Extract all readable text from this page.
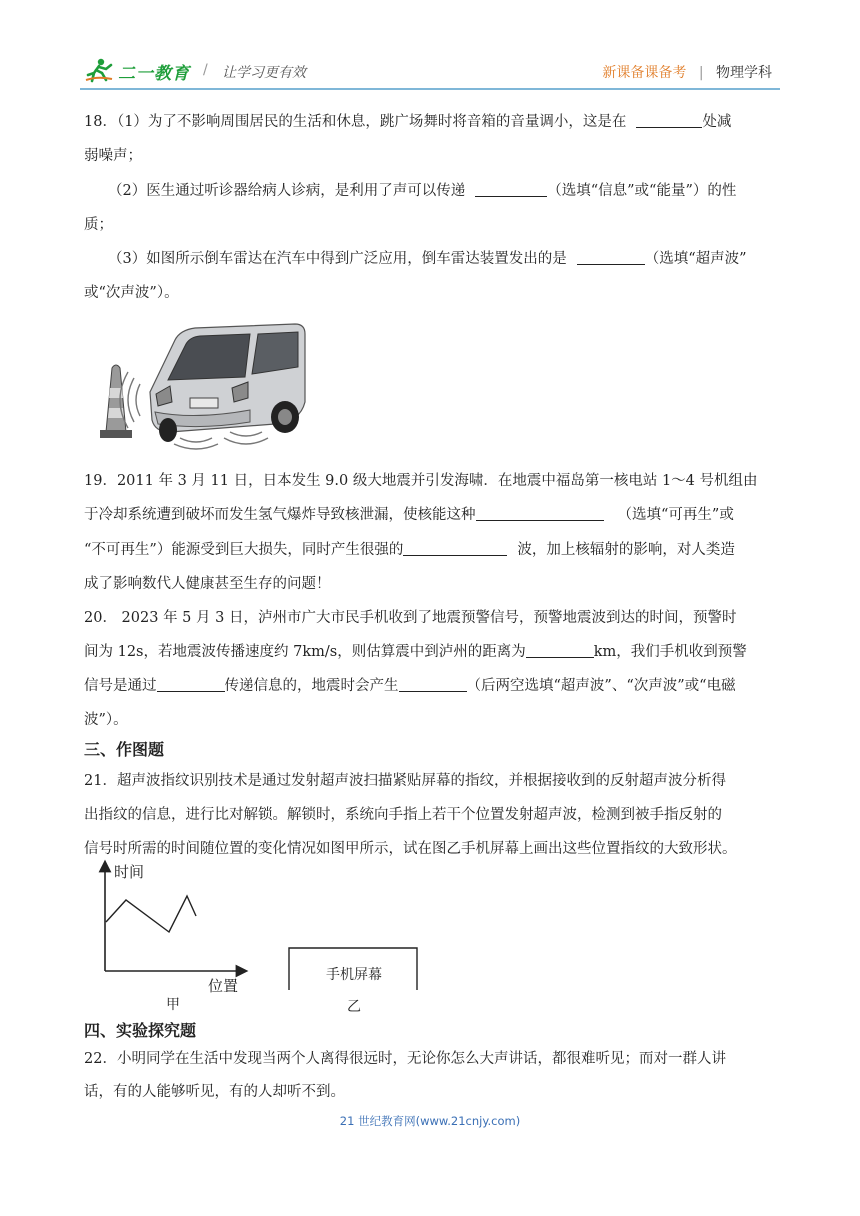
二一教育 / 让学习更有效	新课备课备考 | 物理学科
18．（1）为了不影响周围居民的生活和休息，跳广场舞时将音箱的音量调小，这是在	处减
弱噪声；
（2）医生通过听诊器给病人诊病，是利用了声可以传递	（选填“信息”或“能量”）的性
质；
（3）如图所示倒车雷达在汽车中得到广泛应用，倒车雷达装置发出的是	（选填“超声波”
或“次声波”）。
19．2011 年 3 月 11 日，日本发生 9.0 级大地震并引发海啸．在地震中福岛第一核电站 1～4 号机组由
于冷却系统遭到破坏而发生氢气爆炸导致核泄漏，使核能这种	（选填“可再生”或
“不可再生”）能源受到巨大损失，同时产生很强的	波，加上核辐射的影响，对人类造
成了影响数代人健康甚至生存的问题！
20． 2023 年 5 月 3 日，泸州市广大市民手机收到了地震预警信号，预警地震波到达的时间，预警时
间为 12s，若地震波传播速度约 7km/s，则估算震中到泸州的距离为	km，我们手机收到预警
信号是通过	传递信息的，地震时会产生	（后两空选填“超声波”、“次声波”或“电磁
波”）。
三、作图题
21．超声波指纹识别技术是通过发射超声波扫描紧贴屏幕的指纹，并根据接收到的反射超声波分析得
出指纹的信息，进行比对解锁。解锁时，系统向手指上若干个位置发射超声波，检测到被手指反射的
信号时所需的时间随位置的变化情况如图甲所示，试在图乙手机屏幕上画出这些位置指纹的大致形状。
时间
位置
甲
手机屏幕
乙
四、实验探究题
22．小明同学在生活中发现当两个人离得很远时，无论你怎么大声讲话，都很难听见；而对一群人讲
话，有的人能够听见，有的人却听不到。
21 世纪教育网(www.21cnjy.com)
